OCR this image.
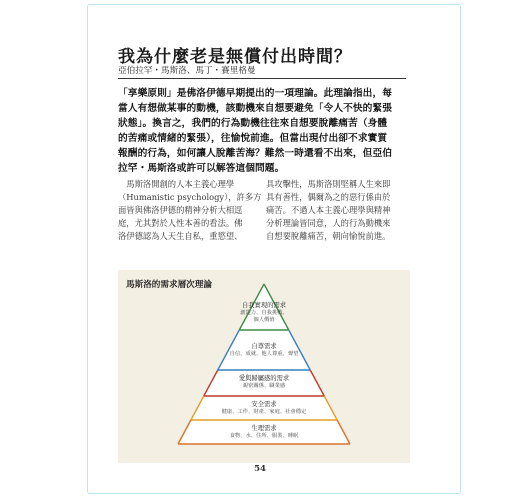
我為什麼老是無償付出時間？
亞伯拉罕・馬斯洛、馬丁・賽里格曼

「享樂原則」是佛洛伊德早期提出的一項理論。此理論指出，每

當人有想做某事的動機，該動機來自想要避免「令人不快的緊張

狀態」。換言之，我們的行為動機往往來自想要脫離痛苦（身體

的苦痛或情緒的緊張），往愉悅前進。但當出現付出卻不求實質

報酬的行為，如何讓人脫離苦海？難然一時還看不出來，但亞伯

拉罕・馬斯洛或許可以解答這個問題。

　馬斯洛開創的人本主義心理學

（Humanistic psychology），許多方

面皆與佛洛伊德的精神分析大相逕

庭，尤其對於人性本善的看法。佛

洛伊德認為人天生自私，重慾望、

具攻擊性，馬斯洛則堅稱人生來即

具有善性，偶爾為之的惡行係由於

痛苦。不過人本主義心理學與精神

分析理論皆同意，人的行為動機來

自想要脫離痛苦，朝向愉悅前進。

馬斯洛的需求層次理論
自我實現的需求
創造力、自我挑戰、
個人價值
自尊需求
自信、成就、他人尊重、聲望
愛與歸屬感的需求
親密關係、職業感
安全需求
健康、工作、財產、家庭、社會穩定
生理需求
食物、水、住所、服裝、睡眠
54
